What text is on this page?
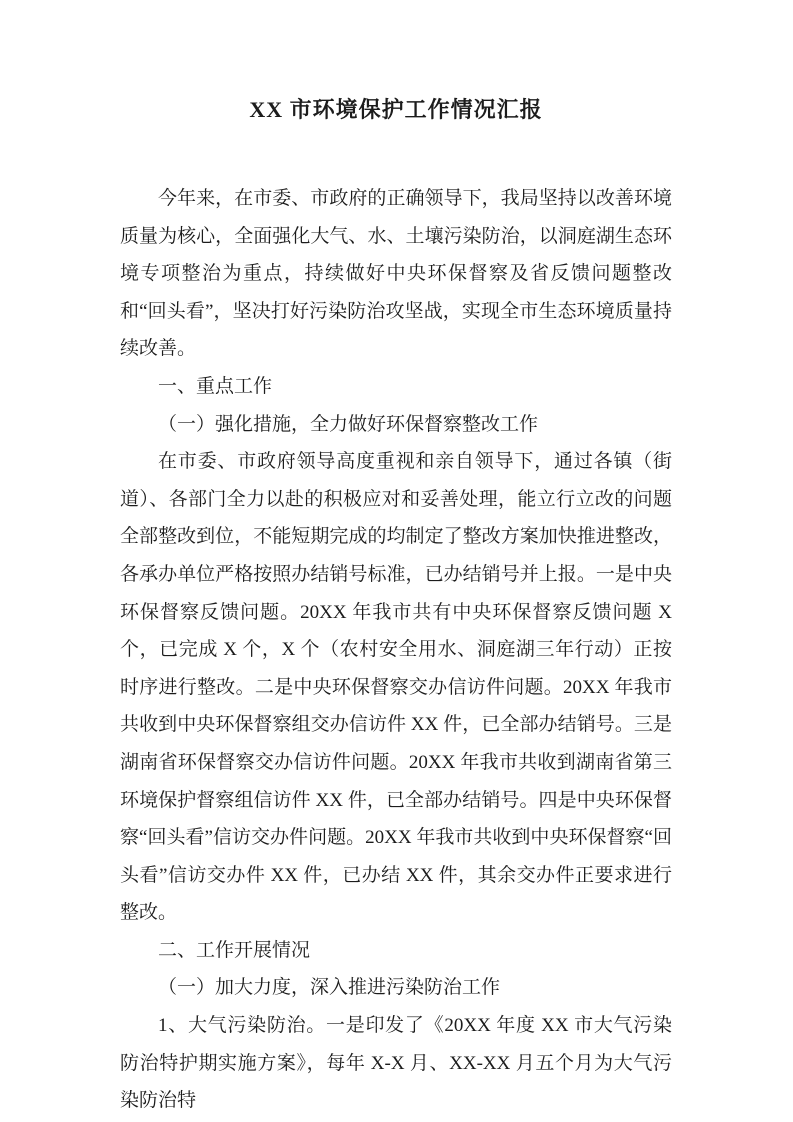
XX 市环境保护工作情况汇报

今年来，在市委、市政府的正确领导下，我局坚持以改善环境质量为核心，全面强化大气、水、土壤污染防治，以洞庭湖生态环境专项整治为重点，持续做好中央环保督察及省反馈问题整改和“回头看”，坚决打好污染防治攻坚战，实现全市生态环境质量持续改善。

一、重点工作

（一）强化措施，全力做好环保督察整改工作

在市委、市政府领导高度重视和亲自领导下，通过各镇（街道）、各部门全力以赴的积极应对和妥善处理，能立行立改的问题全部整改到位，不能短期完成的均制定了整改方案加快推进整改，各承办单位严格按照办结销号标准，已办结销号并上报。一是中央环保督察反馈问题。20XX 年我市共有中央环保督察反馈问题 X 个，已完成 X 个，X 个（农村安全用水、洞庭湖三年行动）正按时序进行整改。二是中央环保督察交办信访件问题。20XX 年我市共收到中央环保督察组交办信访件 XX 件，已全部办结销号。三是湖南省环保督察交办信访件问题。20XX 年我市共收到湖南省第三环境保护督察组信访件 XX 件，已全部办结销号。四是中央环保督察“回头看”信访交办件问题。20XX 年我市共收到中央环保督察“回头看”信访交办件 XX 件，已办结 XX 件，其余交办件正要求进行整改。

二、工作开展情况

（一）加大力度，深入推进污染防治工作

1、大气污染防治。一是印发了《20XX 年度 XX 市大气污染防治特护期实施方案》，每年 X-X 月、XX-XX 月五个月为大气污染防治特
